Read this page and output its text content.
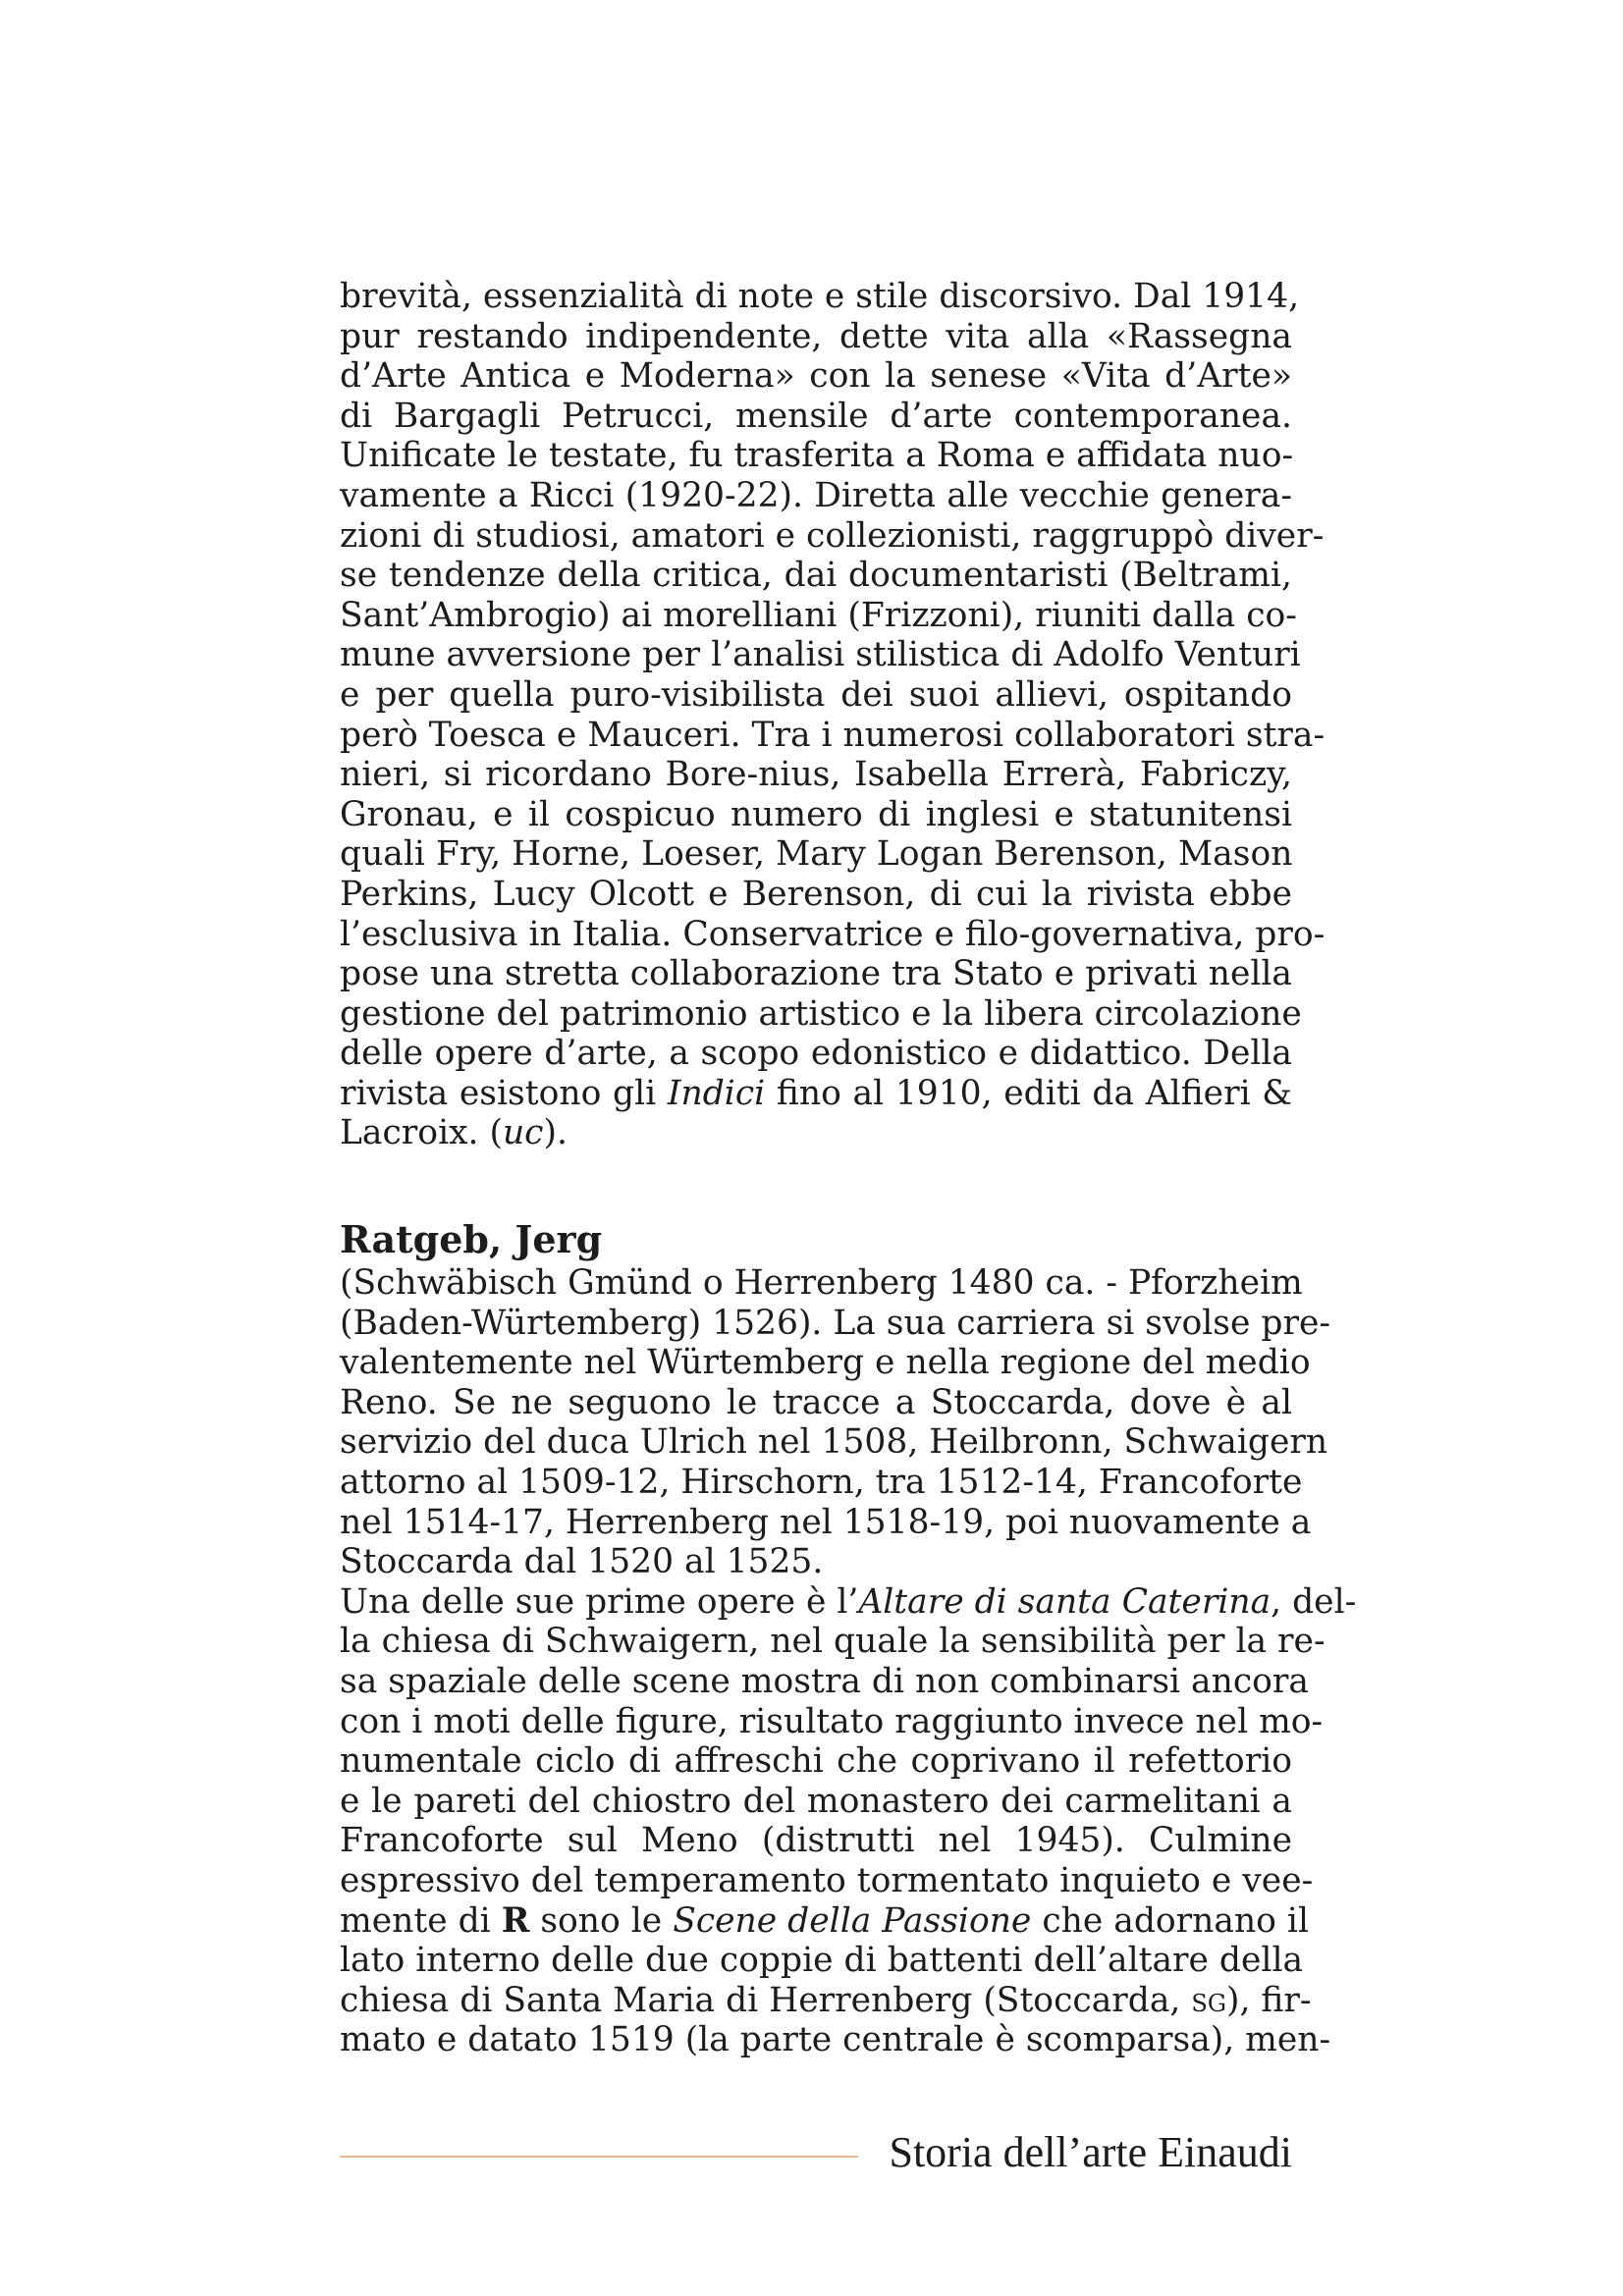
brevità, essenzialità di note e stile discorsivo. Dal 1914,
pur restando indipendente, dette vita alla «Rassegna
d’Arte Antica e Moderna» con la senese «Vita d’Arte»
di Bargagli Petrucci, mensile d’arte contemporanea.
Unificate le testate, fu trasferita a Roma e affidata nuo-
vamente a Ricci (1920-22). Diretta alle vecchie genera-
zioni di studiosi, amatori e collezionisti, raggruppò diver-
se tendenze della critica, dai documentaristi (Beltrami,
Sant’Ambrogio) ai morelliani (Frizzoni), riuniti dalla co-
mune avversione per l’analisi stilistica di Adolfo Venturi
e per quella puro-visibilista dei suoi allievi, ospitando
però Toesca e Mauceri. Tra i numerosi collaboratori stra-
nieri, si ricordano Bore-nius, Isabella Errerà, Fabriczy,
Gronau, e il cospicuo numero di inglesi e statunitensi
quali Fry, Horne, Loeser, Mary Logan Berenson, Mason
Perkins, Lucy Olcott e Berenson, di cui la rivista ebbe
l’esclusiva in Italia. Conservatrice e filo-governativa, pro-
pose una stretta collaborazione tra Stato e privati nella
gestione del patrimonio artistico e la libera circolazione
delle opere d’arte, a scopo edonistico e didattico. Della
rivista esistono gli Indici fino al 1910, editi da Alfieri &
Lacroix. (uc).
Ratgeb, Jerg
(Schwäbisch Gmünd o Herrenberg 1480 ca. - Pforzheim
(Baden-Würtemberg) 1526). La sua carriera si svolse pre-
valentemente nel Würtemberg e nella regione del medio
Reno. Se ne seguono le tracce a Stoccarda, dove è al
servizio del duca Ulrich nel 1508, Heilbronn, Schwaigern
attorno al 1509-12, Hirschorn, tra 1512-14, Francoforte
nel 1514-17, Herrenberg nel 1518-19, poi nuovamente a
Stoccarda dal 1520 al 1525.
Una delle sue prime opere è l’Altare di santa Caterina, del-
la chiesa di Schwaigern, nel quale la sensibilità per la re-
sa spaziale delle scene mostra di non combinarsi ancora
con i moti delle figure, risultato raggiunto invece nel mo-
numentale ciclo di affreschi che coprivano il refettorio
e le pareti del chiostro del monastero dei carmelitani a
Francoforte sul Meno (distrutti nel 1945). Culmine
espressivo del temperamento tormentato inquieto e vee-
mente di R sono le Scene della Passione che adornano il
lato interno delle due coppie di battenti dell’altare della
chiesa di Santa Maria di Herrenberg (Stoccarda, sg), fir-
mato e datato 1519 (la parte centrale è scomparsa), men-
Storia dell’arte Einaudi
